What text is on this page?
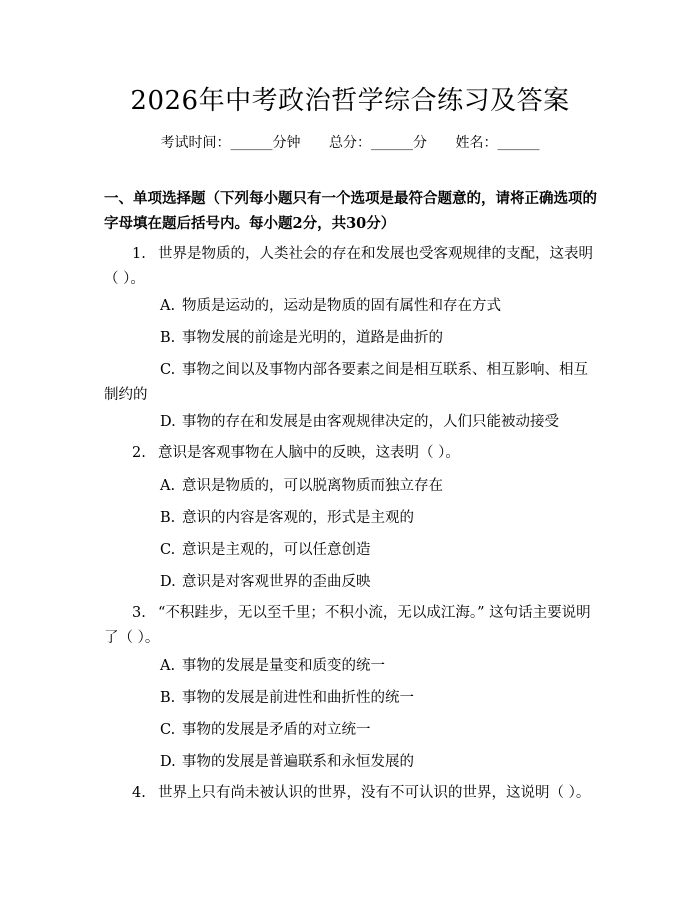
2026年中考政治哲学综合练习及答案
考试时间：______分钟 总分：______分 姓名：______
一、单项选择题（下列每小题只有一个选项是最符合题意的，请将正确选项的字母填在题后括号内。每小题2分，共30分）
1. 世界是物质的，人类社会的存在和发展也受客观规律的支配，这表明（ ）。
A. 物质是运动的，运动是物质的固有属性和存在方式
B. 事物发展的前途是光明的，道路是曲折的
C. 事物之间以及事物内部各要素之间是相互联系、相互影响、相互制约的
D. 事物的存在和发展是由客观规律决定的，人们只能被动接受
2. 意识是客观事物在人脑中的反映，这表明（ ）。
A. 意识是物质的，可以脱离物质而独立存在
B. 意识的内容是客观的，形式是主观的
C. 意识是主观的，可以任意创造
D. 意识是对客观世界的歪曲反映
3. “不积跬步，无以至千里；不积小流，无以成江海。” 这句话主要说明了（ ）。
A. 事物的发展是量变和质变的统一
B. 事物的发展是前进性和曲折性的统一
C. 事物的发展是矛盾的对立统一
D. 事物的发展是普遍联系和永恒发展的
4. 世界上只有尚未被认识的世界，没有不可认识的世界，这说明（ ）。
